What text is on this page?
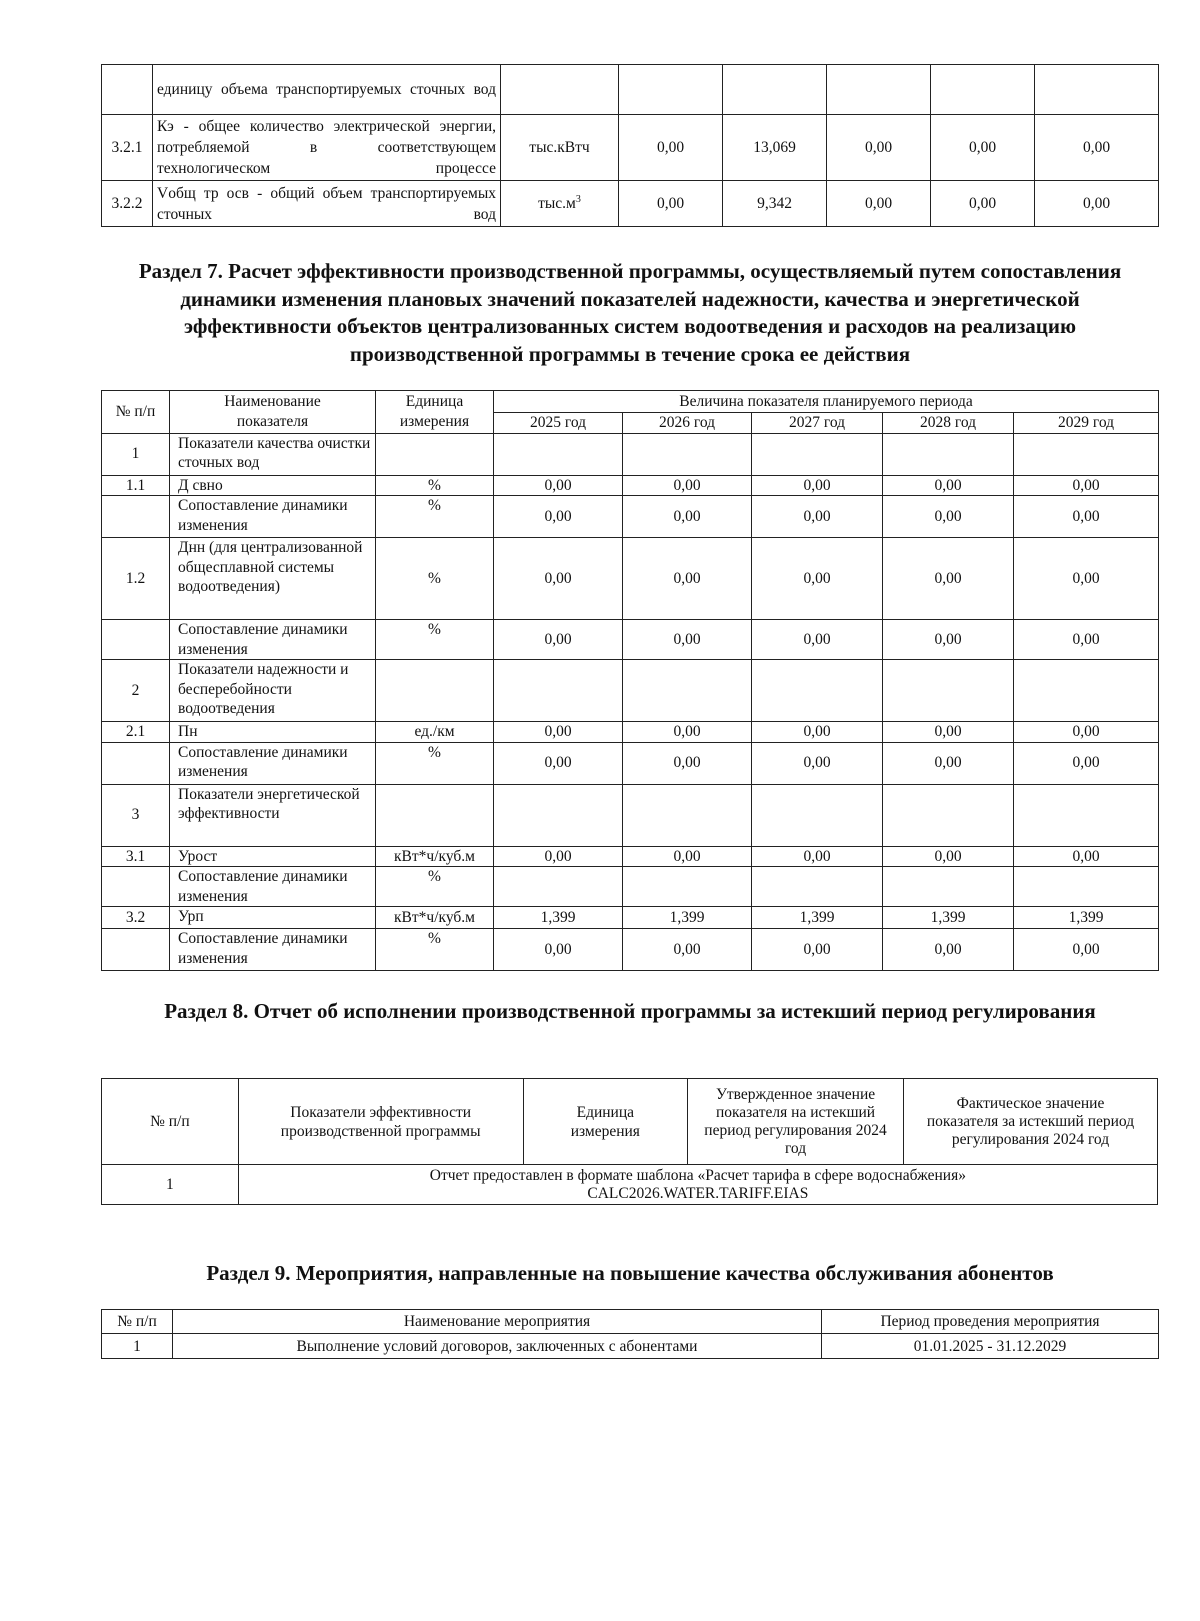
	единицу объема транспортируемых сточных вод						
3.2.1	Кэ - общее количество электрической энергии, потребляемой в соответствующем технологическом процессе	тыс.кВтч	0,00	13,069	0,00	0,00	0,00
3.2.2	Vобщ тр осв - общий объем транспортируемых сточных вод	$тыс.м^3$	0,00	9,342	0,00	0,00	0,00
Раздел 7. Расчет эффективности производственной программы, осуществляемый путем сопоставления динамики изменения плановых значений показателей надежности, качества и энергетической эффективности объектов централизованных систем водоотведения и расходов на реализацию производственной программы в течение срока ее действия
№ п/п	Наименование показателя	Единица измерения	Величина показателя планируемого периода				
			2025 год	2026 год	2027 год	2028 год	2029 год
1	Показатели качества очистки сточных вод						
1.1	Д свно	%	0,00	0,00	0,00	0,00	0,00
	Сопоставление динамики изменения	%	0,00	0,00	0,00	0,00	0,00
1.2	Днн (для централизованной общесплавной системы водоотведения)	%	0,00	0,00	0,00	0,00	0,00
	Сопоставление динамики изменения	%	0,00	0,00	0,00	0,00	0,00
2	Показатели надежности и бесперебойности водоотведения						
2.1	Пн	ед./км	0,00	0,00	0,00	0,00	0,00
	Сопоставление динамики изменения	%	0,00	0,00	0,00	0,00	0,00
3	Показатели энергетической эффективности						
3.1	Урост	кВт*ч/куб.м	0,00	0,00	0,00	0,00	0,00
	Сопоставление динамики изменения	%					
3.2	Урп	кВт*ч/куб.м	1,399	1,399	1,399	1,399	1,399
	Сопоставление динамики изменения	%	0,00	0,00	0,00	0,00	0,00
Раздел 8. Отчет об исполнении производственной программы за истекший период регулирования
№ п/п	Показатели эффективности производственной программы	Единица измерения	Утвержденное значение показателя на истекший период регулирования 2024 год	Фактическое значение показателя за истекший период регулирования 2024 год
1	Отчет предоставлен в формате шаблона «Расчет тарифа в сфере водоснабжения»
CALC2026.WATER.TARIFF.EIAS			
Раздел 9. Мероприятия, направленные на повышение качества обслуживания абонентов
№ п/п	Наименование мероприятия	Период проведения мероприятия
1	Выполнение условий договоров, заключенных с абонентами	01.01.2025 - 31.12.2029
